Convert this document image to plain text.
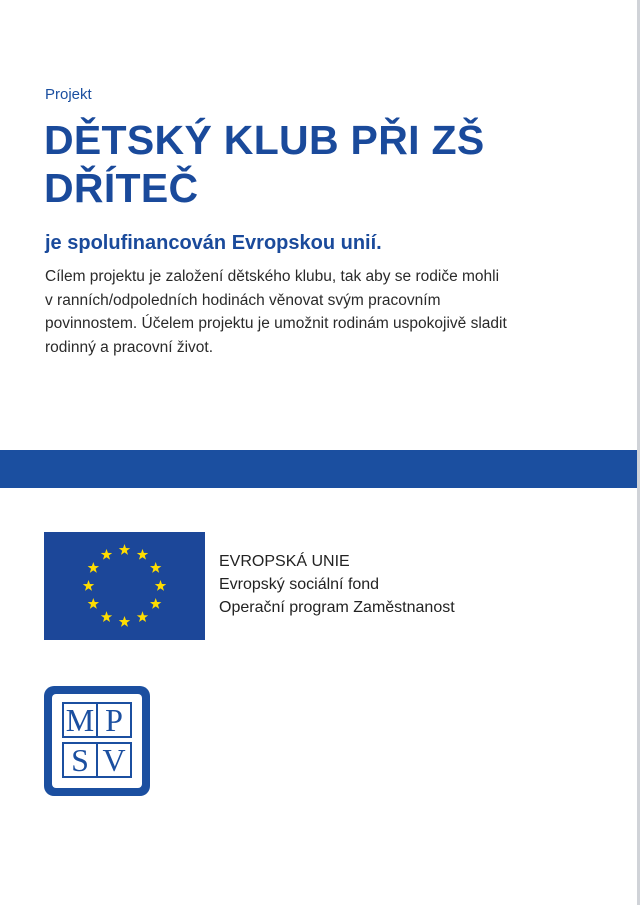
Projekt
DĚTSKÝ KLUB PŘI ZŠ
DŘÍTEČ
je spolufinancován Evropskou unií.

Cílem projektu je založení dětského klubu, tak aby se rodiče mohli
v ranních/odpoledních hodinách věnovat svým pracovním
povinnostem. Účelem projektu je umožnit rodinám uspokojivě sladit
rodinný a pracovní život.

EVROPSKÁ UNIE
Evropský sociální fond
Operační program Zaměstnanost
M P
S V
